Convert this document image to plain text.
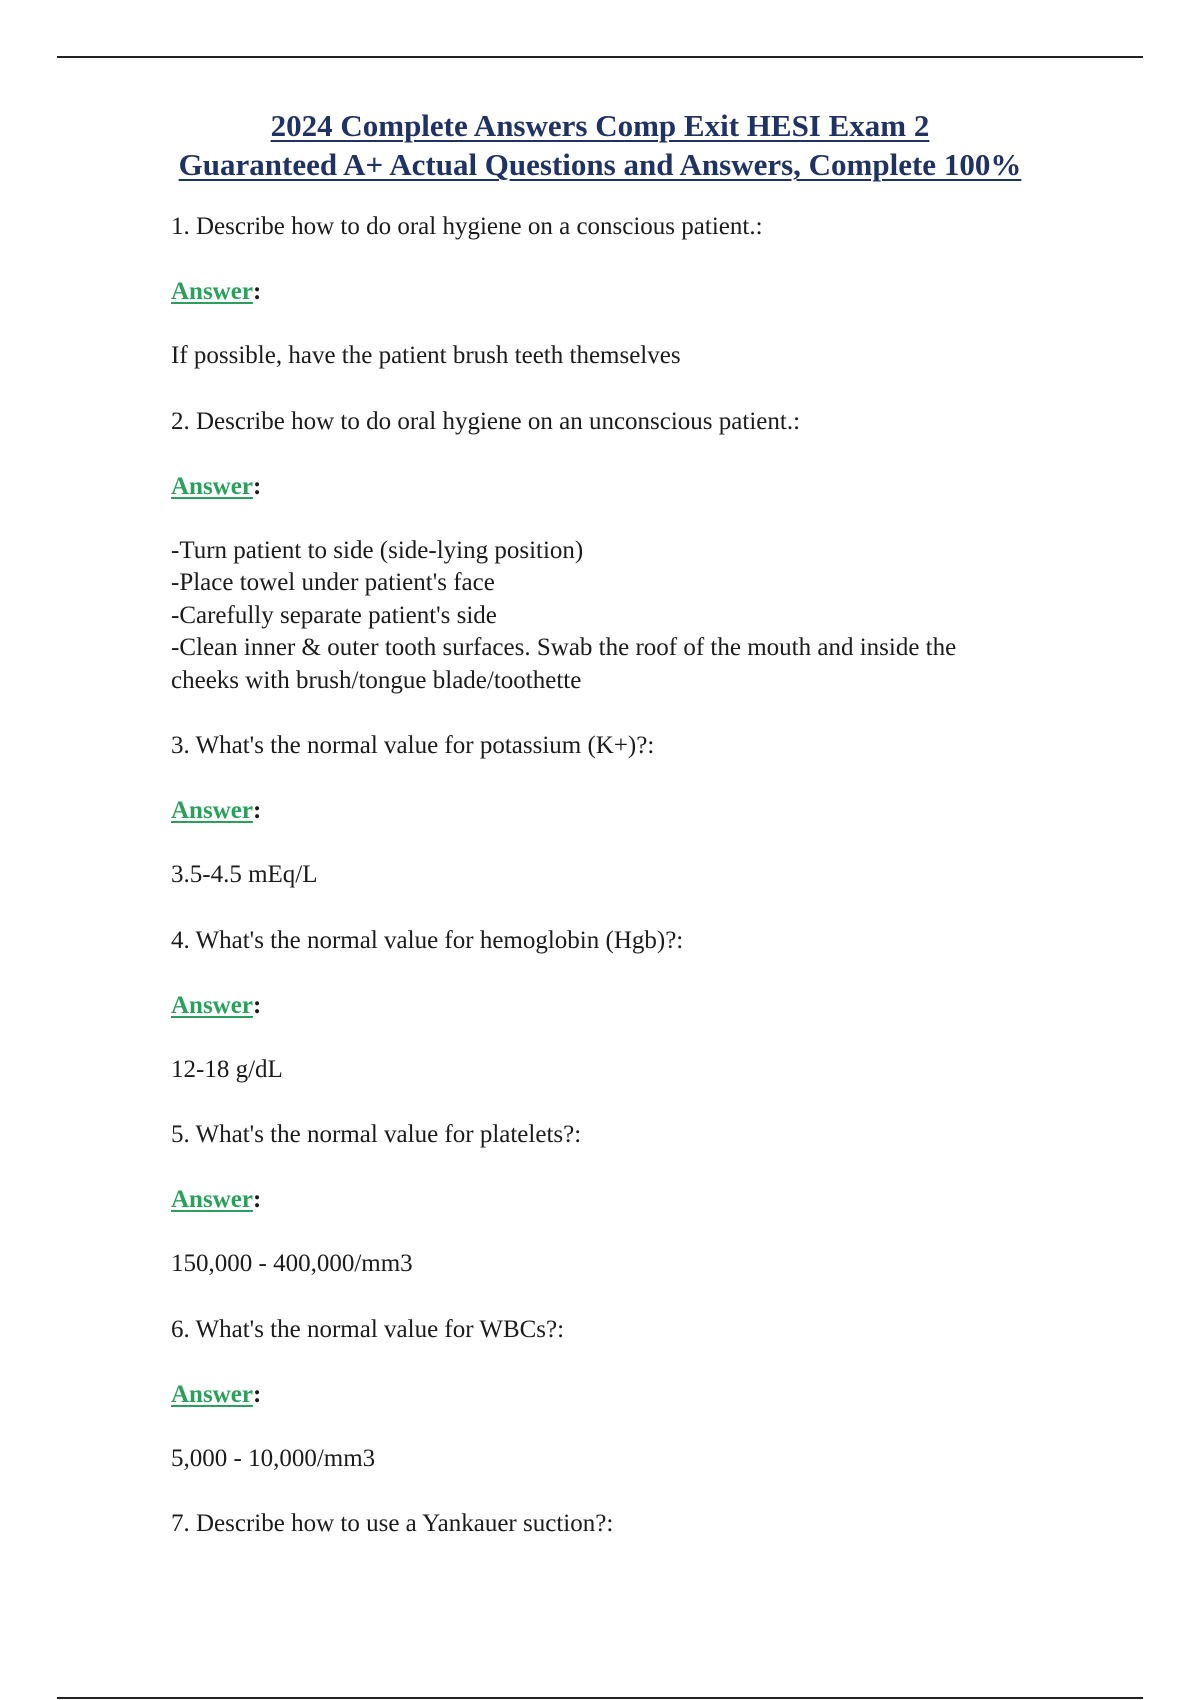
2024 Complete Answers Comp Exit HESI Exam 2
Guaranteed A+ Actual Questions and Answers, Complete 100%

1. Describe how to do oral hygiene on a conscious patient.:

Answer:

If possible, have the patient brush teeth themselves

2. Describe how to do oral hygiene on an unconscious patient.:

Answer:

-Turn patient to side (side-lying position)
-Place towel under patient's face
-Carefully separate patient's side
-Clean inner & outer tooth surfaces. Swab the roof of the mouth and inside the
cheeks with brush/tongue blade/toothette

3. What's the normal value for potassium (K+)?:

Answer:

3.5-4.5 mEq/L

4. What's the normal value for hemoglobin (Hgb)?:

Answer:

12-18 g/dL

5. What's the normal value for platelets?:

Answer:

150,000 - 400,000/mm3

6. What's the normal value for WBCs?:

Answer:

5,000 - 10,000/mm3

7. Describe how to use a Yankauer suction?:
